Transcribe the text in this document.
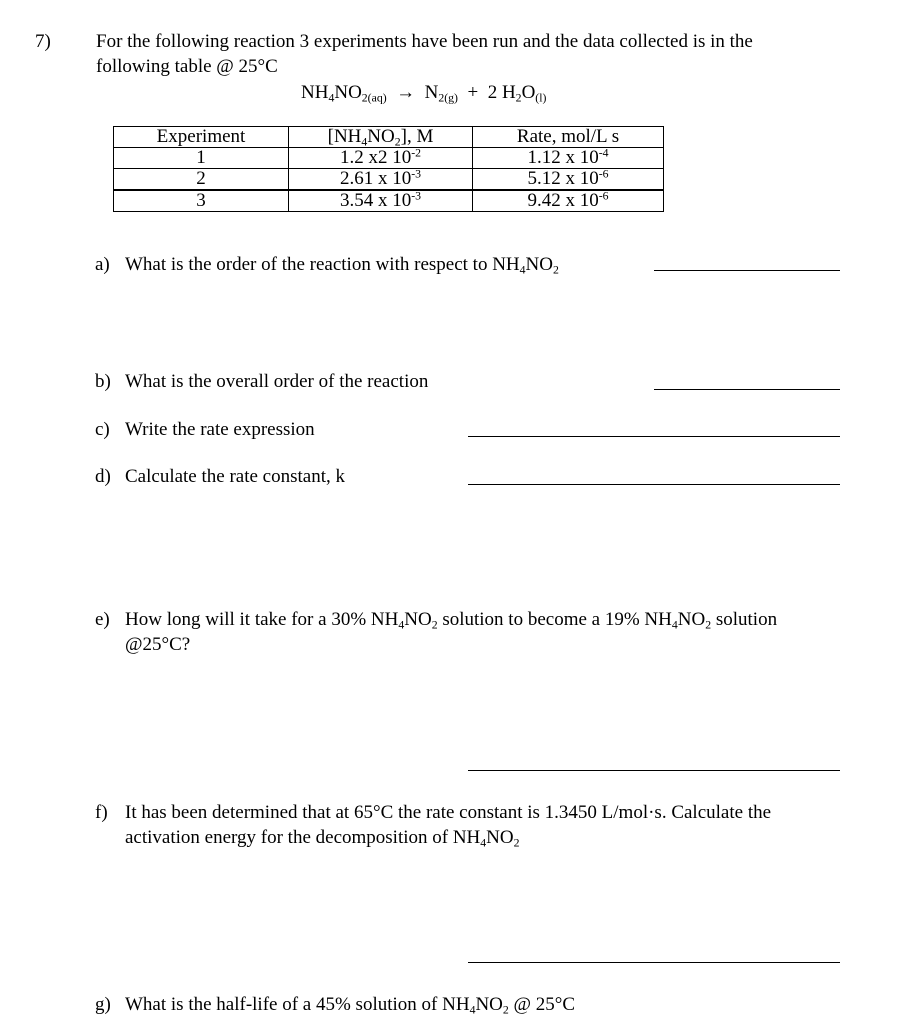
7) For the following reaction 3 experiments have been run and the data collected is in the
following table @ 25°C
$NH_4NO_{2(aq)} \to N_{2(g)} + 2$ $H_2O_{(l)}$
Experiment	$[NH_4NO_2]$, M	Rate, mol/L s
1	1.2 x2 $10^{-2}$	1.12 x $10^{-4}$
2	2.61 x $10^{-3}$	5.12 x $10^{-6}$
3	3.54 x $10^{-3}$	9.42 x $10^{-6}$
a) What is the order of the reaction with respect to $NH_4NO_2$
b) What is the overall order of the reaction
c) Write the rate expression
d) Calculate the rate constant, k
e) How long will it take for a 30% $NH_4NO_2$ solution to become a 19% $NH_4NO_2$ solution
@25°C?
f) It has been determined that at 65°C the rate constant is 1.3450 L/mol·s. Calculate the
activation energy for the decomposition of $NH_4NO_2$
g) What is the half-life of a 45% solution of $NH_4NO_2$ @ 25°C
